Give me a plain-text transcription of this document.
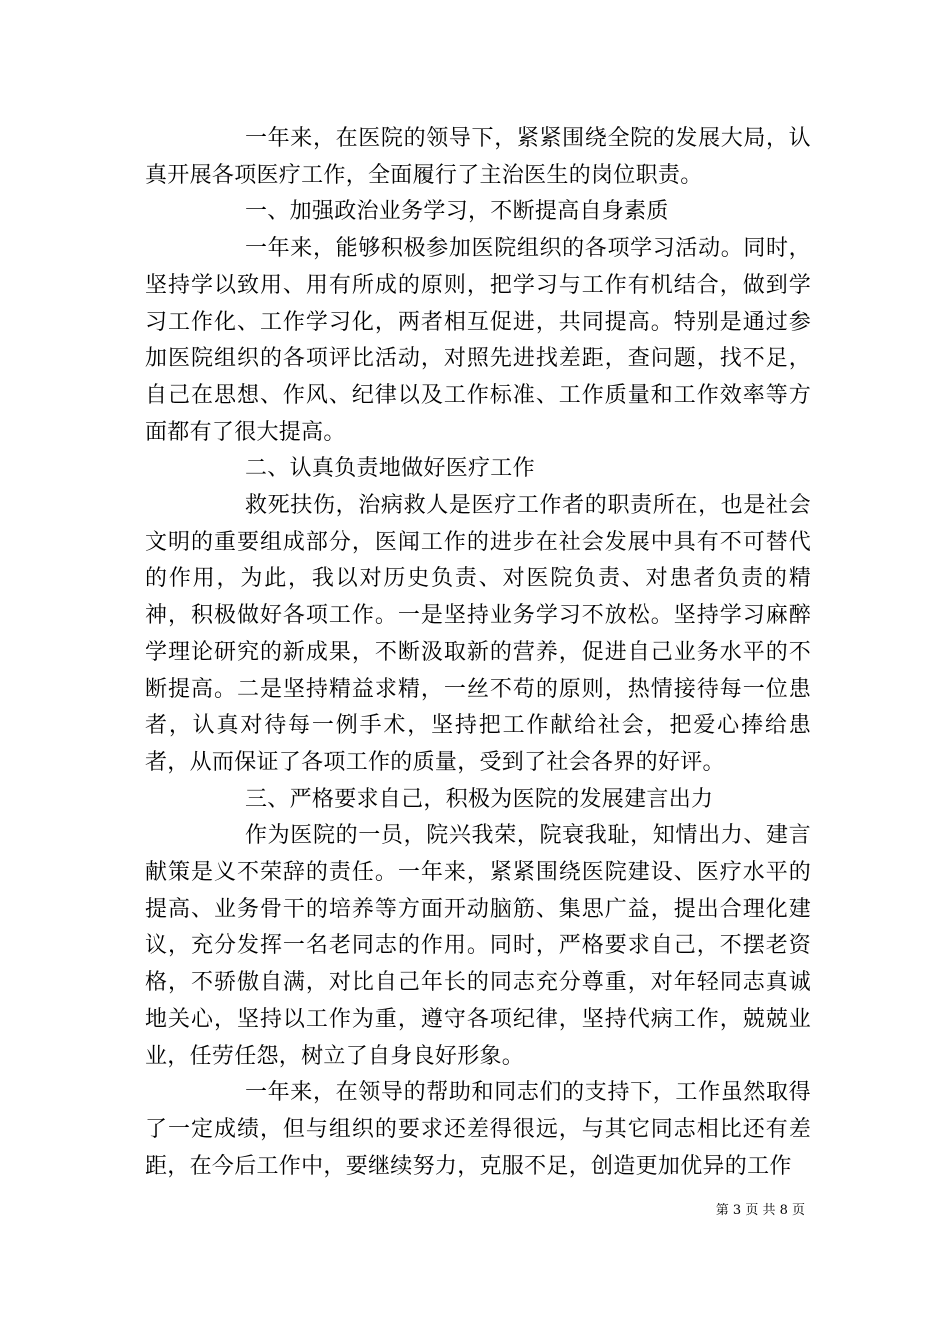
一年来，在医院的领导下，紧紧围绕全院的发展大局，认真开展各项医疗工作，全面履行了主治医生的岗位职责。

一、加强政治业务学习，不断提高自身素质

一年来，能够积极参加医院组织的各项学习活动。同时，坚持学以致用、用有所成的原则，把学习与工作有机结合，做到学习工作化、工作学习化，两者相互促进，共同提高。特别是通过参加医院组织的各项评比活动，对照先进找差距，查问题，找不足，自己在思想、作风、纪律以及工作标准、工作质量和工作效率等方面都有了很大提高。

二、认真负责地做好医疗工作

救死扶伤，治病救人是医疗工作者的职责所在，也是社会文明的重要组成部分，医闻工作的进步在社会发展中具有不可替代的作用，为此，我以对历史负责、对医院负责、对患者负责的精神，积极做好各项工作。一是坚持业务学习不放松。坚持学习麻醉学理论研究的新成果，不断汲取新的营养，促进自己业务水平的不断提高。二是坚持精益求精，一丝不苟的原则，热情接待每一位患者，认真对待每一例手术，坚持把工作献给社会，把爱心捧给患者，从而保证了各项工作的质量，受到了社会各界的好评。

三、严格要求自己，积极为医院的发展建言出力

作为医院的一员，院兴我荣，院衰我耻，知情出力、建言献策是义不荣辞的责任。一年来，紧紧围绕医院建设、医疗水平的提高、业务骨干的培养等方面开动脑筋、集思广益，提出合理化建议，充分发挥一名老同志的作用。同时，严格要求自己，不摆老资格，不骄傲自满，对比自己年长的同志充分尊重，对年轻同志真诚地关心，坚持以工作为重，遵守各项纪律，坚持代病工作，兢兢业业，任劳任怨，树立了自身良好形象。

一年来，在领导的帮助和同志们的支持下，工作虽然取得了一定成绩，但与组织的要求还差得很远，与其它同志相比还有差距，在今后工作中，要继续努力，克服不足，创造更加优异的工作

第 3 页 共 8 页
